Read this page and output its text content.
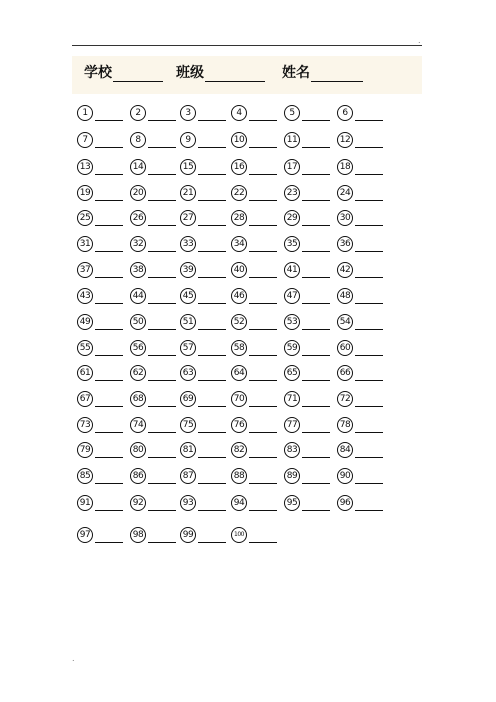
.
.
学校	班级	姓名
1	2	3	4	5	6
7	8	9	10	11	12
13	14	15	16	17	18
19	20	21	22	23	24
25	26	27	28	29	30
31	32	33	34	35	36
37	38	39	40	41	42
43	44	45	46	47	48
49	50	51	52	53	54
55	56	57	58	59	60
61	62	63	64	65	66
67	68	69	70	71	72
73	74	75	76	77	78
79	80	81	82	83	84
85	86	87	88	89	90
91	92	93	94	95	96
97	98	99	100
